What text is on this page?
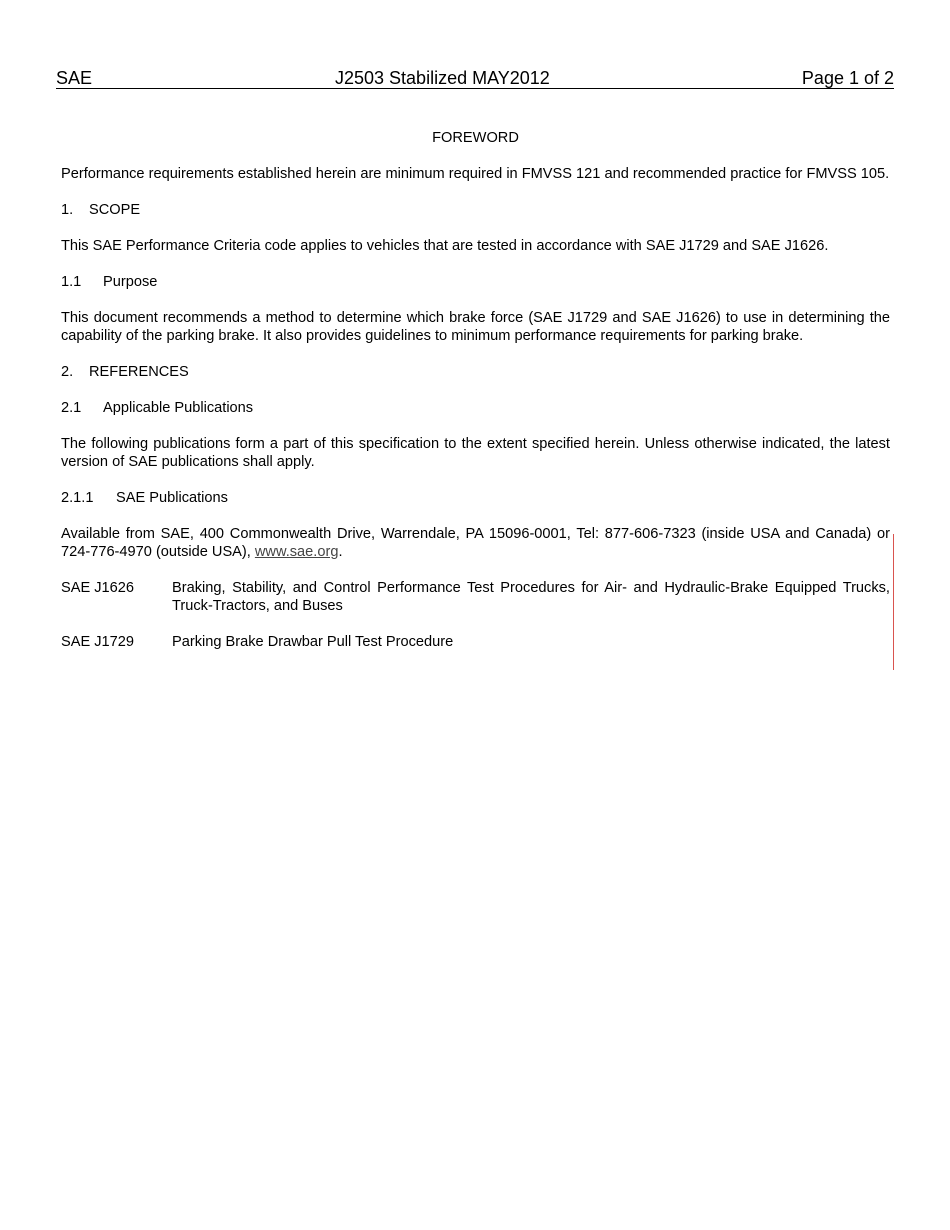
SAE	J2503 Stabilized MAY2012	Page 1 of 2
FOREWORD
Performance requirements established herein are minimum required in FMVSS 121 and recommended practice for FMVSS 105.
1. SCOPE
This SAE Performance Criteria code applies to vehicles that are tested in accordance with SAE J1729 and SAE J1626.
1.1 Purpose
This document recommends a method to determine which brake force (SAE J1729 and SAE J1626) to use in determining the capability of the parking brake. It also provides guidelines to minimum performance requirements for parking brake.
2. REFERENCES
2.1 Applicable Publications
The following publications form a part of this specification to the extent specified herein. Unless otherwise indicated, the latest version of SAE publications shall apply.
2.1.1 SAE Publications
Available from SAE, 400 Commonwealth Drive, Warrendale, PA 15096-0001, Tel: 877-606-7323 (inside USA and Canada) or 724-776-4970 (outside USA), www.sae.org.
SAE J1626	Braking, Stability, and Control Performance Test Procedures for Air- and Hydraulic-Brake Equipped Trucks, Truck-Tractors, and Buses
SAE J1729	Parking Brake Drawbar Pull Test Procedure
